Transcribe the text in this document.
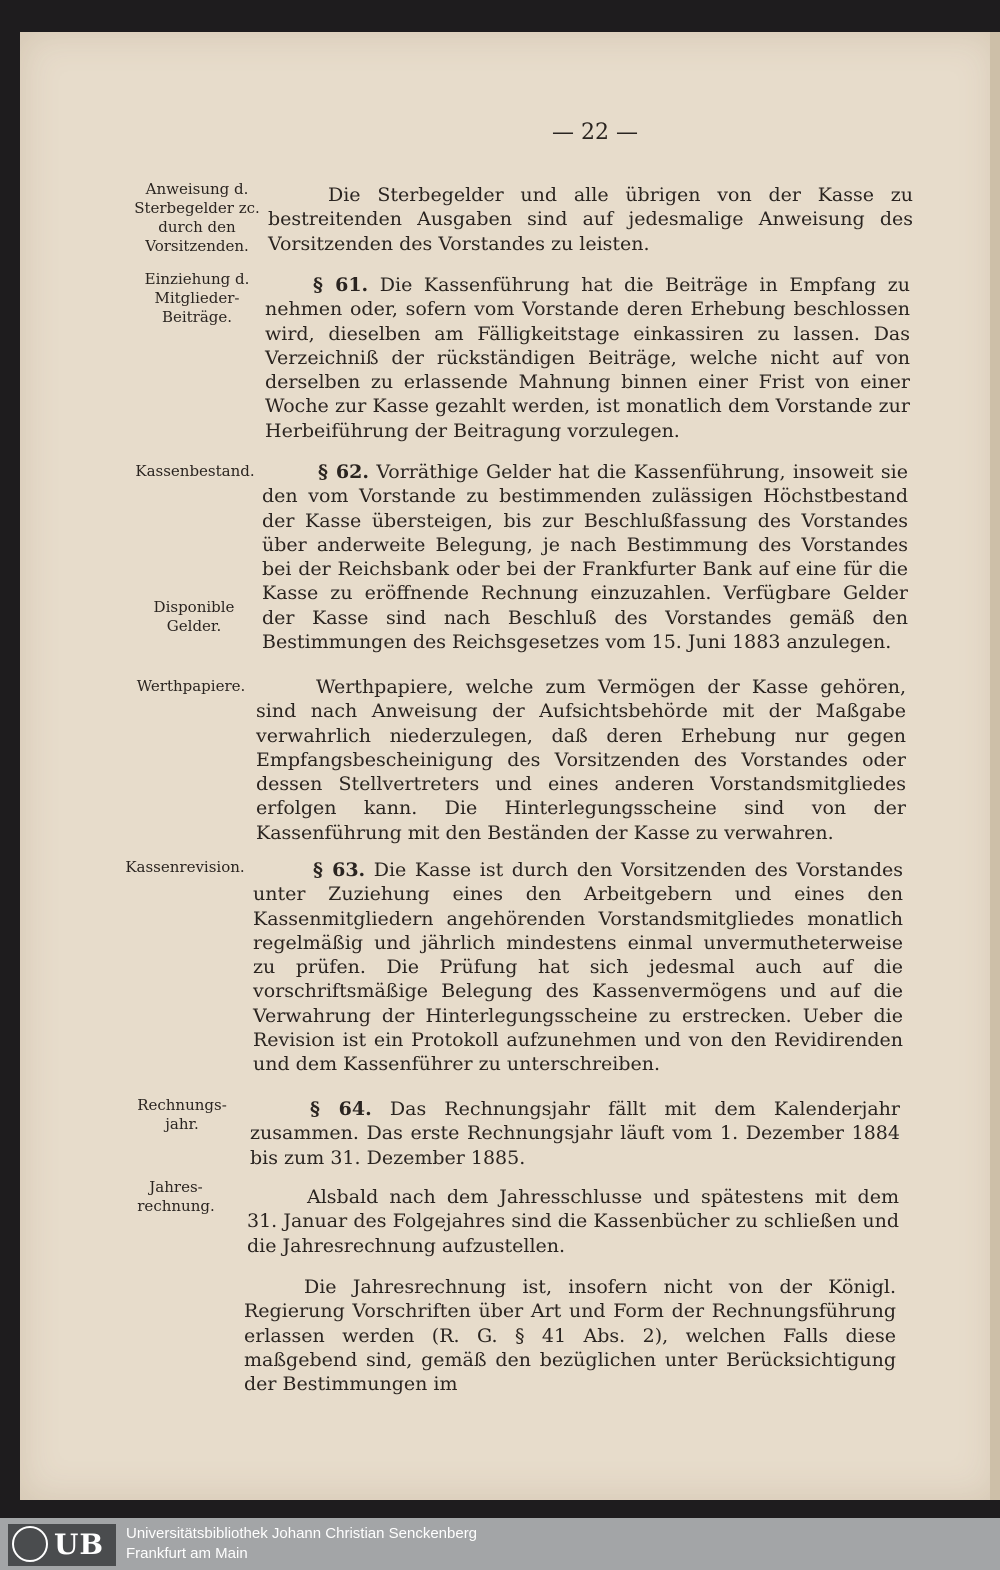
— 22 —
Anweisung d. Sterbegelder zc. durch den Vorsitzenden.
Einziehung d. Mitglieder- Beiträge.
Kassenbestand.
Disponible Gelder.
Werthpapiere.
Kassenrevision.
Rechnungs- jahr.
Jahres- rechnung.
Die Sterbegelder und alle übrigen von der Kasse zu bestreitenden Ausgaben sind auf jedesmalige Anweisung des Vorsitzenden des Vorstandes zu leisten.
§ 61. Die Kassenführung hat die Beiträge in Empfang zu nehmen oder, sofern vom Vorstande deren Erhebung beschlossen wird, dieselben am Fälligkeitstage einkassiren zu lassen. Das Verzeichniß der rückständigen Beiträge, welche nicht auf von derselben zu erlassende Mahnung binnen einer Frist von einer Woche zur Kasse gezahlt werden, ist monatlich dem Vorstande zur Herbeiführung der Beitragung vorzulegen.
§ 62. Vorräthige Gelder hat die Kassenführung, insoweit sie den vom Vorstande zu bestimmenden zulässigen Höchstbestand der Kasse übersteigen, bis zur Beschlußfassung des Vorstandes über anderweite Belegung, je nach Bestimmung des Vorstandes bei der Reichsbank oder bei der Frankfurter Bank auf eine für die Kasse zu eröffnende Rechnung einzuzahlen. Verfügbare Gelder der Kasse sind nach Beschluß des Vorstandes gemäß den Bestimmungen des Reichsgesetzes vom 15. Juni 1883 anzulegen.
Werthpapiere, welche zum Vermögen der Kasse gehören, sind nach Anweisung der Aufsichtsbehörde mit der Maßgabe verwahrlich niederzulegen, daß deren Erhebung nur gegen Empfangsbescheinigung des Vorsitzenden des Vorstandes oder dessen Stellvertreters und eines anderen Vorstandsmitgliedes erfolgen kann. Die Hinterlegungsscheine sind von der Kassenführung mit den Beständen der Kasse zu verwahren.
§ 63. Die Kasse ist durch den Vorsitzenden des Vorstandes unter Zuziehung eines den Arbeitgebern und eines den Kassenmitgliedern angehörenden Vorstandsmitgliedes monatlich regelmäßig und jährlich mindestens einmal unvermutheterweise zu prüfen. Die Prüfung hat sich jedesmal auch auf die vorschriftsmäßige Belegung des Kassenvermögens und auf die Verwahrung der Hinterlegungsscheine zu erstrecken. Ueber die Revision ist ein Protokoll aufzunehmen und von den Revidirenden und dem Kassenführer zu unterschreiben.
§ 64. Das Rechnungsjahr fällt mit dem Kalenderjahr zusammen. Das erste Rechnungsjahr läuft vom 1. Dezember 1884 bis zum 31. Dezember 1885.
Alsbald nach dem Jahresschlusse und spätestens mit dem 31. Januar des Folgejahres sind die Kassenbücher zu schließen und die Jahresrechnung aufzustellen.
Die Jahresrechnung ist, insofern nicht von der Königl. Regierung Vorschriften über Art und Form der Rechnungsführung erlassen werden (R. G. § 41 Abs. 2), welchen Falls diese maßgebend sind, gemäß den bezüglichen unter Berücksichtigung der Bestimmungen im
UB Universitätsbibliothek Johann Christian Senckenberg
Frankfurt am Main
